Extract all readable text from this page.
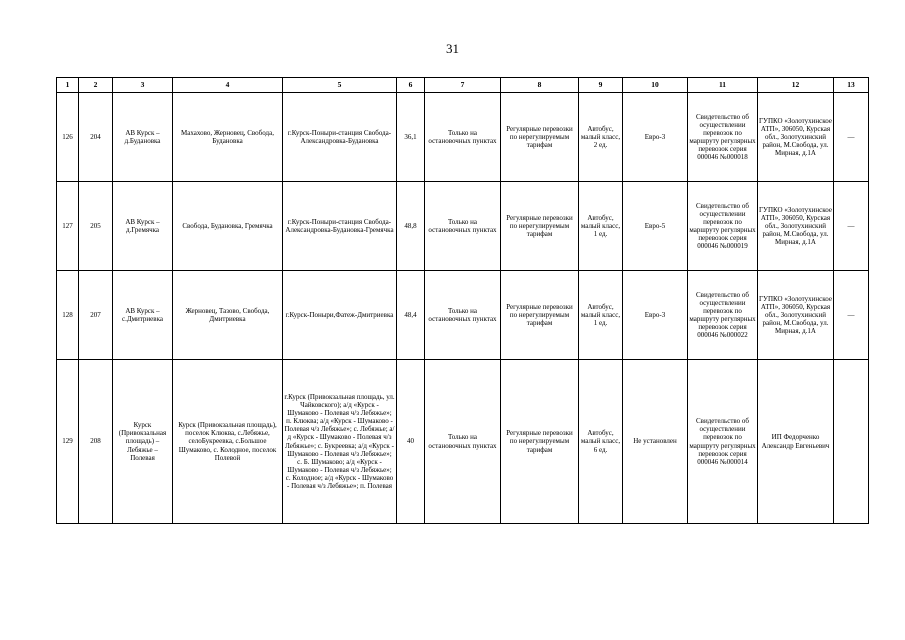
31
1	2	3	4	5	6	7	8	9	10	11	12	13
126	204	АВ Курск – д.Будановка	Махахово, Жерновец, Свобода, Будановка	г.Курск-Поныри-станция Свобода-Александровка-Будановка	36,1	Только на остановочных пунктах	Регулярные перевозки по нерегулируемым тарифам	Автобус, малый класс, 2 ед.	Евро-3	Свидетельство об осуществлении перевозок по маршруту регулярных перевозок серия 000046 №000018	ГУПКО «Золотухинское АТП», 306050, Курская обл., Золотухинский район, М.Свобода, ул. Мирная, д.1А	—
127	205	АВ Курск – д.Гремячка	Свобода, Будановка, Гремячка	г.Курск-Поныри-станция Свобода-Александровка-Будановка-Гремячка	48,8	Только на остановочных пунктах	Регулярные перевозки по нерегулируемым тарифам	Автобус, малый класс, 1 ед.	Евро-5	Свидетельство об осуществлении перевозок по маршруту регулярных перевозок серия 000046 №000019	ГУПКО «Золотухинское АТП», 306050, Курская обл., Золотухинский район, М.Свобода, ул. Мирная, д.1А	—
128	207	АВ Курск – с.Дмитриевка	Жерновец, Тазово, Свобода, Дмитриевка	г.Курск-Поныри,Фатеж-Дмитриевка	48,4	Только на остановочных пунктах	Регулярные перевозки по нерегулируемым тарифам	Автобус, малый класс, 1 ед.	Евро-3	Свидетельство об осуществлении перевозок по маршруту регулярных перевозок серия 000046 №000022	ГУПКО «Золотухинское АТП», 306050, Курская обл., Золотухинский район, М.Свобода, ул. Мирная, д.1А	—
129	208	Курск (Привокзальная площадь) – Лебяжье – Полевая	Курск (Привокзальная площадь), поселок Клюква, с.Лебяжье, селоБукреевка, с.Большое Шумаково, с. Колодное, поселок Полевой	г.Курск (Привокзальная площадь, ул. Чайковского); а/д «Курск - Шумаково - Полевая ч/з Лебяжье»; п. Клюква; а/д «Курск - Шумаково - Полевая ч/з Лебяжье»; с. Лебяжье; а/д «Курск - Шумаково - Полевая ч/з Лебяжье»; с. Букреевка; а/д «Курск - Шумаково - Полевая ч/з Лебяжье»; с. Б. Шумаково; а/д «Курск - Шумаково - Полевая ч/з Лебяжье»; с. Колодное; а/д «Курск - Шумаково - Полевая ч/з Лебяжье»; п. Полевая	40	Только на остановочных пунктах	Регулярные перевозки по нерегулируемым тарифам	Автобус, малый класс, 6 ед.	Не установлен	Свидетельство об осуществлении перевозок по маршруту регулярных перевозок серия 000046 №000014	ИП Федорченко Александр Евгеньевич	
